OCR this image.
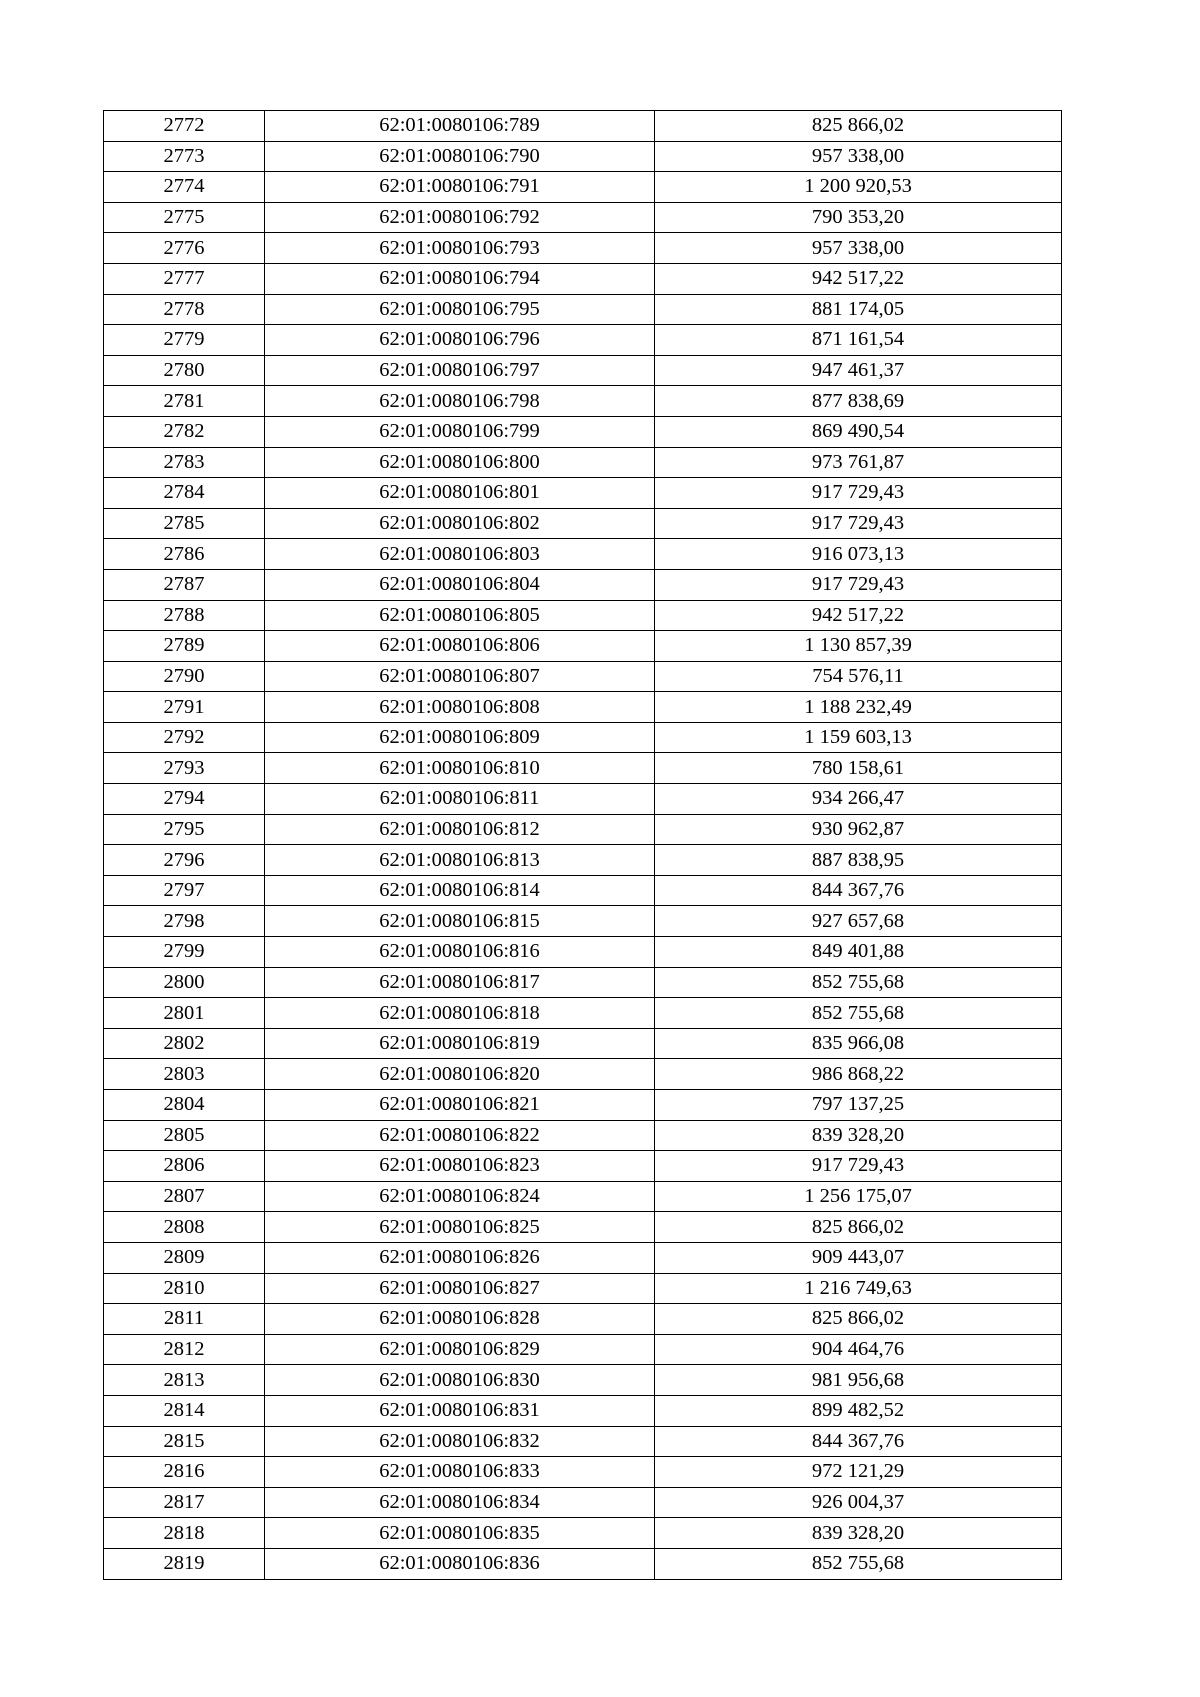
2772	62:01:0080106:789	825 866,02
2773	62:01:0080106:790	957 338,00
2774	62:01:0080106:791	1 200 920,53
2775	62:01:0080106:792	790 353,20
2776	62:01:0080106:793	957 338,00
2777	62:01:0080106:794	942 517,22
2778	62:01:0080106:795	881 174,05
2779	62:01:0080106:796	871 161,54
2780	62:01:0080106:797	947 461,37
2781	62:01:0080106:798	877 838,69
2782	62:01:0080106:799	869 490,54
2783	62:01:0080106:800	973 761,87
2784	62:01:0080106:801	917 729,43
2785	62:01:0080106:802	917 729,43
2786	62:01:0080106:803	916 073,13
2787	62:01:0080106:804	917 729,43
2788	62:01:0080106:805	942 517,22
2789	62:01:0080106:806	1 130 857,39
2790	62:01:0080106:807	754 576,11
2791	62:01:0080106:808	1 188 232,49
2792	62:01:0080106:809	1 159 603,13
2793	62:01:0080106:810	780 158,61
2794	62:01:0080106:811	934 266,47
2795	62:01:0080106:812	930 962,87
2796	62:01:0080106:813	887 838,95
2797	62:01:0080106:814	844 367,76
2798	62:01:0080106:815	927 657,68
2799	62:01:0080106:816	849 401,88
2800	62:01:0080106:817	852 755,68
2801	62:01:0080106:818	852 755,68
2802	62:01:0080106:819	835 966,08
2803	62:01:0080106:820	986 868,22
2804	62:01:0080106:821	797 137,25
2805	62:01:0080106:822	839 328,20
2806	62:01:0080106:823	917 729,43
2807	62:01:0080106:824	1 256 175,07
2808	62:01:0080106:825	825 866,02
2809	62:01:0080106:826	909 443,07
2810	62:01:0080106:827	1 216 749,63
2811	62:01:0080106:828	825 866,02
2812	62:01:0080106:829	904 464,76
2813	62:01:0080106:830	981 956,68
2814	62:01:0080106:831	899 482,52
2815	62:01:0080106:832	844 367,76
2816	62:01:0080106:833	972 121,29
2817	62:01:0080106:834	926 004,37
2818	62:01:0080106:835	839 328,20
2819	62:01:0080106:836	852 755,68
